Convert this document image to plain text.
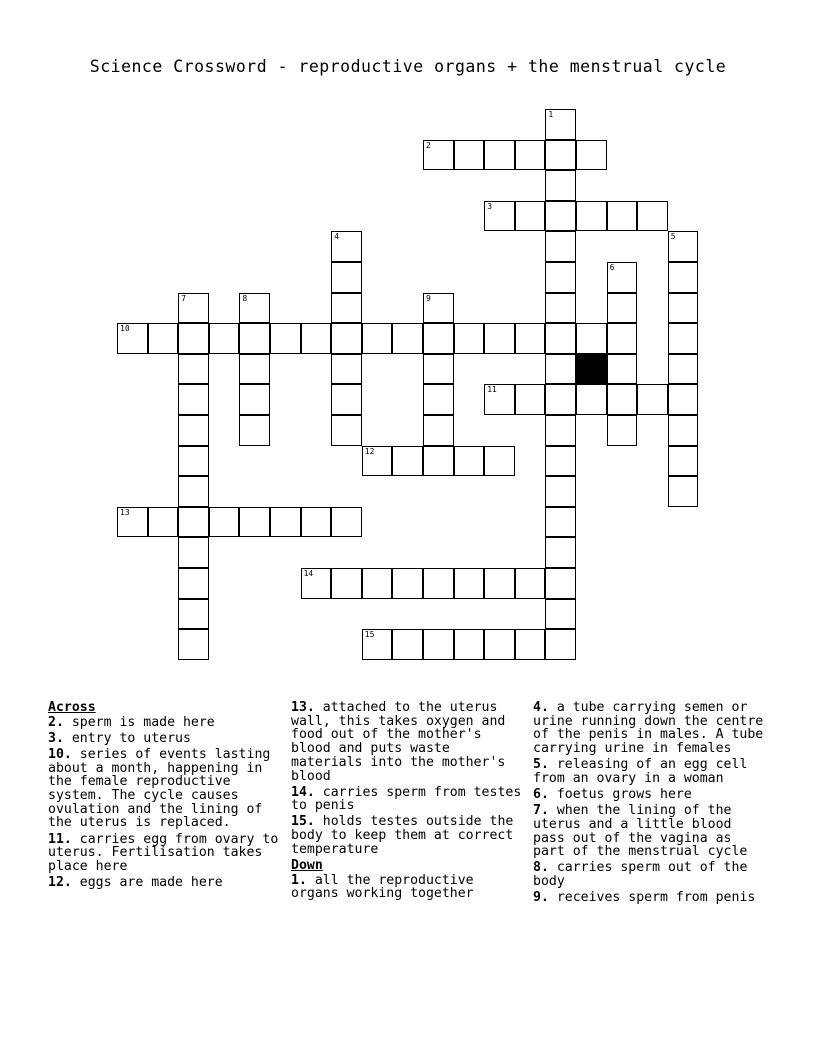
Science Crossword - reproductive organs + the menstrual cycle
1
2
3
4	5
6
7	8	9
10
11
12
13
14
15
Across
2. sperm is made here
3. entry to uterus
10. series of events lasting about a month, happening in the female reproductive system. The cycle causes ovulation and the lining of the uterus is replaced.
11. carries egg from ovary to uterus. Fertilisation takes place here
12. eggs are made here
13. attached to the uterus wall, this takes oxygen and food out of the mother's blood and puts waste materials into the mother's blood
14. carries sperm from testes to penis
15. holds testes outside the body to keep them at correct temperature
Down
1. all the reproductive organs working together
4. a tube carrying semen or urine running down the centre of the penis in males. A tube carrying urine in females
5. releasing of an egg cell from an ovary in a woman
6. foetus grows here
7. when the lining of the uterus and a little blood pass out of the vagina as part of the menstrual cycle
8. carries sperm out of the body
9. receives sperm from penis
